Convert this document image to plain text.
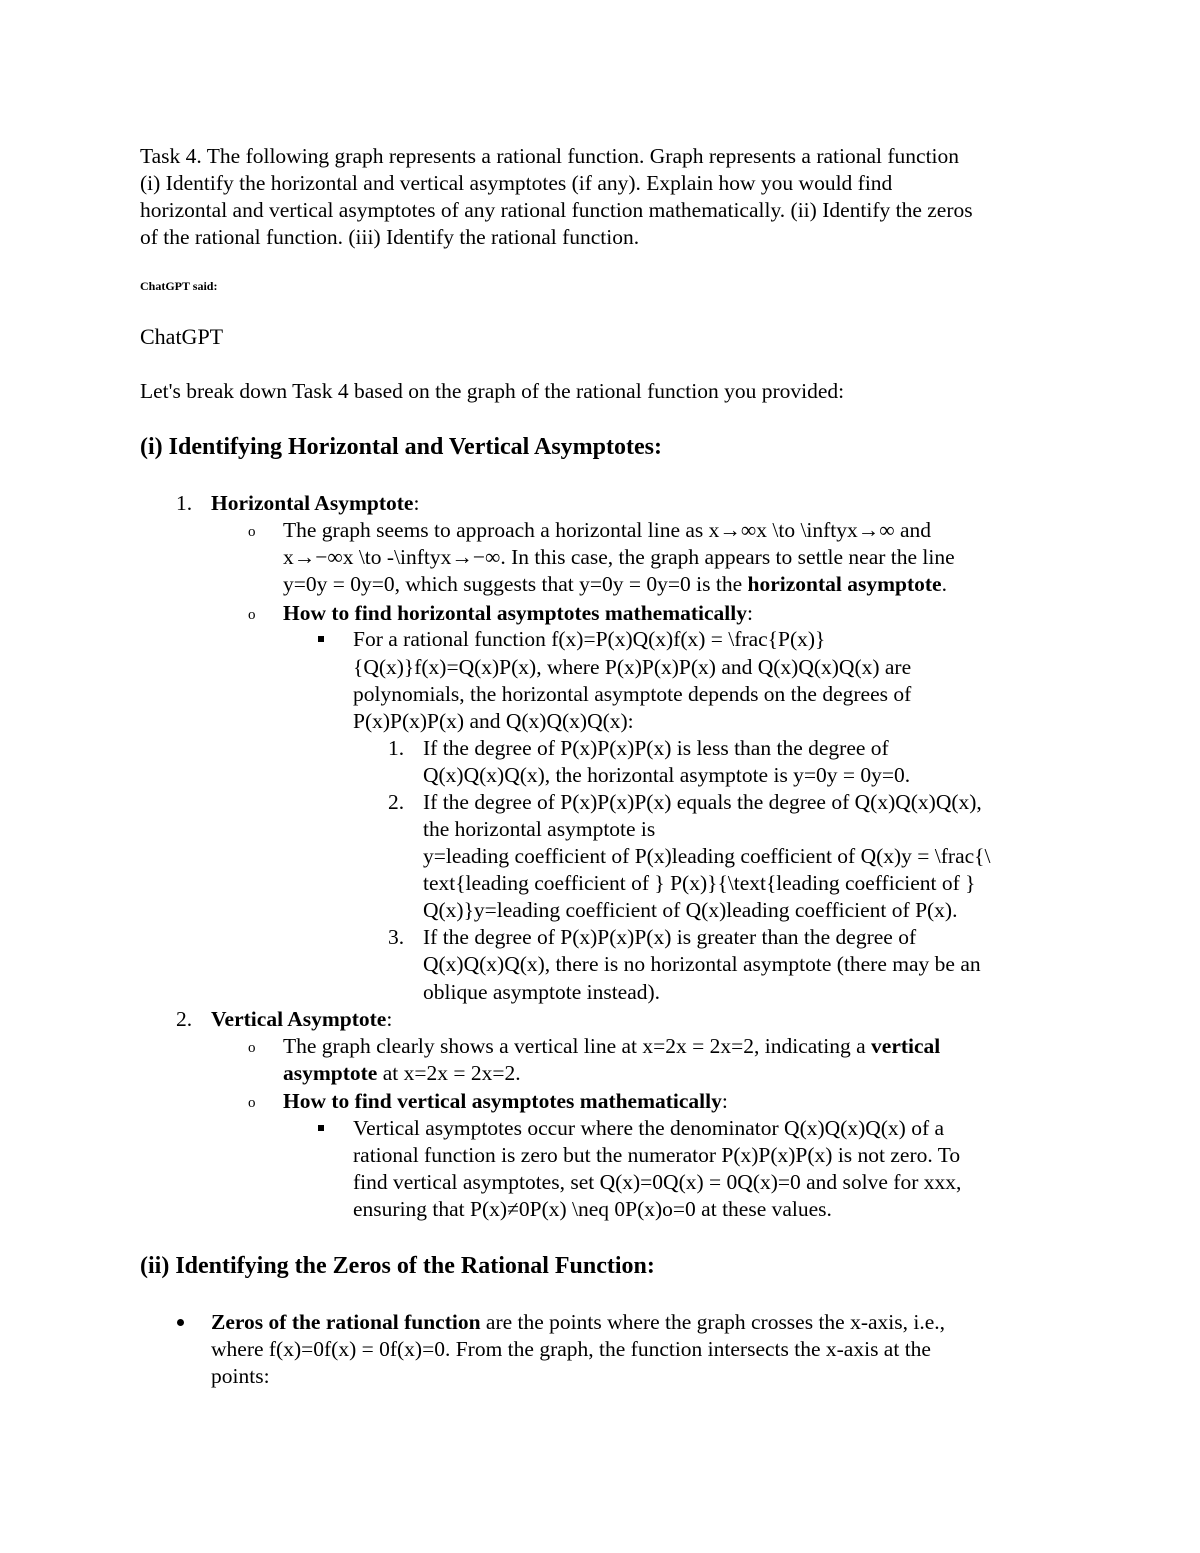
Task 4. The following graph represents a rational function. Graph represents a rational function
(i) Identify the horizontal and vertical asymptotes (if any). Explain how you would find
horizontal and vertical asymptotes of any rational function mathematically. (ii) Identify the zeros
of the rational function. (iii) Identify the rational function.
ChatGPT said:
ChatGPT
Let's break down Task 4 based on the graph of the rational function you provided:
(i) Identifying Horizontal and Vertical Asymptotes:
1. Horizontal Asymptote:
o The graph seems to approach a horizontal line as x→∞x \to \inftyx→∞ and
x→−∞x \to -\inftyx→−∞. In this case, the graph appears to settle near the line
y=0y = 0y=0, which suggests that y=0y = 0y=0 is the horizontal asymptote.
o How to find horizontal asymptotes mathematically:
For a rational function f(x)=P(x)Q(x)f(x) = \frac{P(x)}
{Q(x)}f(x)=Q(x)P(x), where P(x)P(x)P(x) and Q(x)Q(x)Q(x) are
polynomials, the horizontal asymptote depends on the degrees of
P(x)P(x)P(x) and Q(x)Q(x)Q(x):
1. If the degree of P(x)P(x)P(x) is less than the degree of
Q(x)Q(x)Q(x), the horizontal asymptote is y=0y = 0y=0.
2. If the degree of P(x)P(x)P(x) equals the degree of Q(x)Q(x)Q(x),
the horizontal asymptote is
y=leading coefficient of P(x)leading coefficient of Q(x)y = \frac{\
text{leading coefficient of } P(x)}{\text{leading coefficient of }
Q(x)}y=leading coefficient of Q(x)leading coefficient of P(x).
3. If the degree of P(x)P(x)P(x) is greater than the degree of
Q(x)Q(x)Q(x), there is no horizontal asymptote (there may be an
oblique asymptote instead).
2. Vertical Asymptote:
o The graph clearly shows a vertical line at x=2x = 2x=2, indicating a vertical
asymptote at x=2x = 2x=2.
o How to find vertical asymptotes mathematically:
Vertical asymptotes occur where the denominator Q(x)Q(x)Q(x) of a
rational function is zero but the numerator P(x)P(x)P(x) is not zero. To
find vertical asymptotes, set Q(x)=0Q(x) = 0Q(x)=0 and solve for xxx,
ensuring that P(x)≠0P(x) \neq 0P(x)o=0 at these values.
(ii) Identifying the Zeros of the Rational Function:
Zeros of the rational function are the points where the graph crosses the x-axis, i.e.,
where f(x)=0f(x) = 0f(x)=0. From the graph, the function intersects the x-axis at the
points:
